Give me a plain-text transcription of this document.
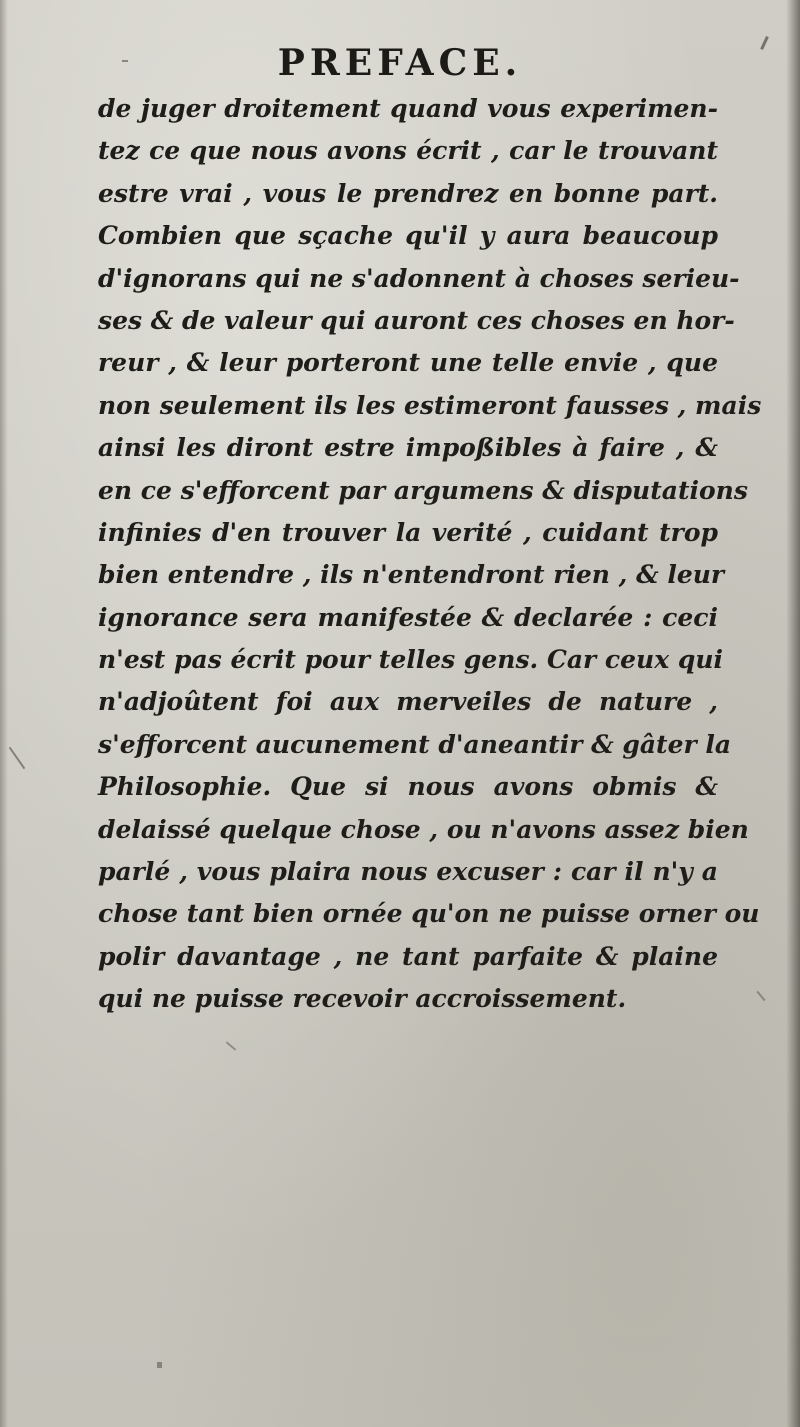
PREFACE.
de juger droitement quand vous experimen-
tez ce que nous avons écrit , car le trouvant
estre vrai , vous le prendrez en bonne part.
Combien que sçache qu'il y aura beaucoup
d'ignorans qui ne s'adonnent à choses serieu-
ses & de valeur qui auront ces choses en hor-
reur , & leur porteront une telle envie , que
non seulement ils les estimeront fausses , mais
ainsi les diront estre impoßibles à faire , &
en ce s'efforcent par argumens & disputations
infinies d'en trouver la verité , cuidant trop
bien entendre , ils n'entendront rien , & leur
ignorance sera manifestée & declarée : ceci
n'est pas écrit pour telles gens. Car ceux qui
n'adjoûtent foi aux merveiles de nature ,
s'efforcent aucunement d'aneantir & gâter la
Philosophie. Que si nous avons obmis &
delaissé quelque chose , ou n'avons assez bien
parlé , vous plaira nous excuser : car il n'y a
chose tant bien ornée qu'on ne puisse orner ou
polir davantage , ne tant parfaite & plaine
qui ne puisse recevoir accroissement.
